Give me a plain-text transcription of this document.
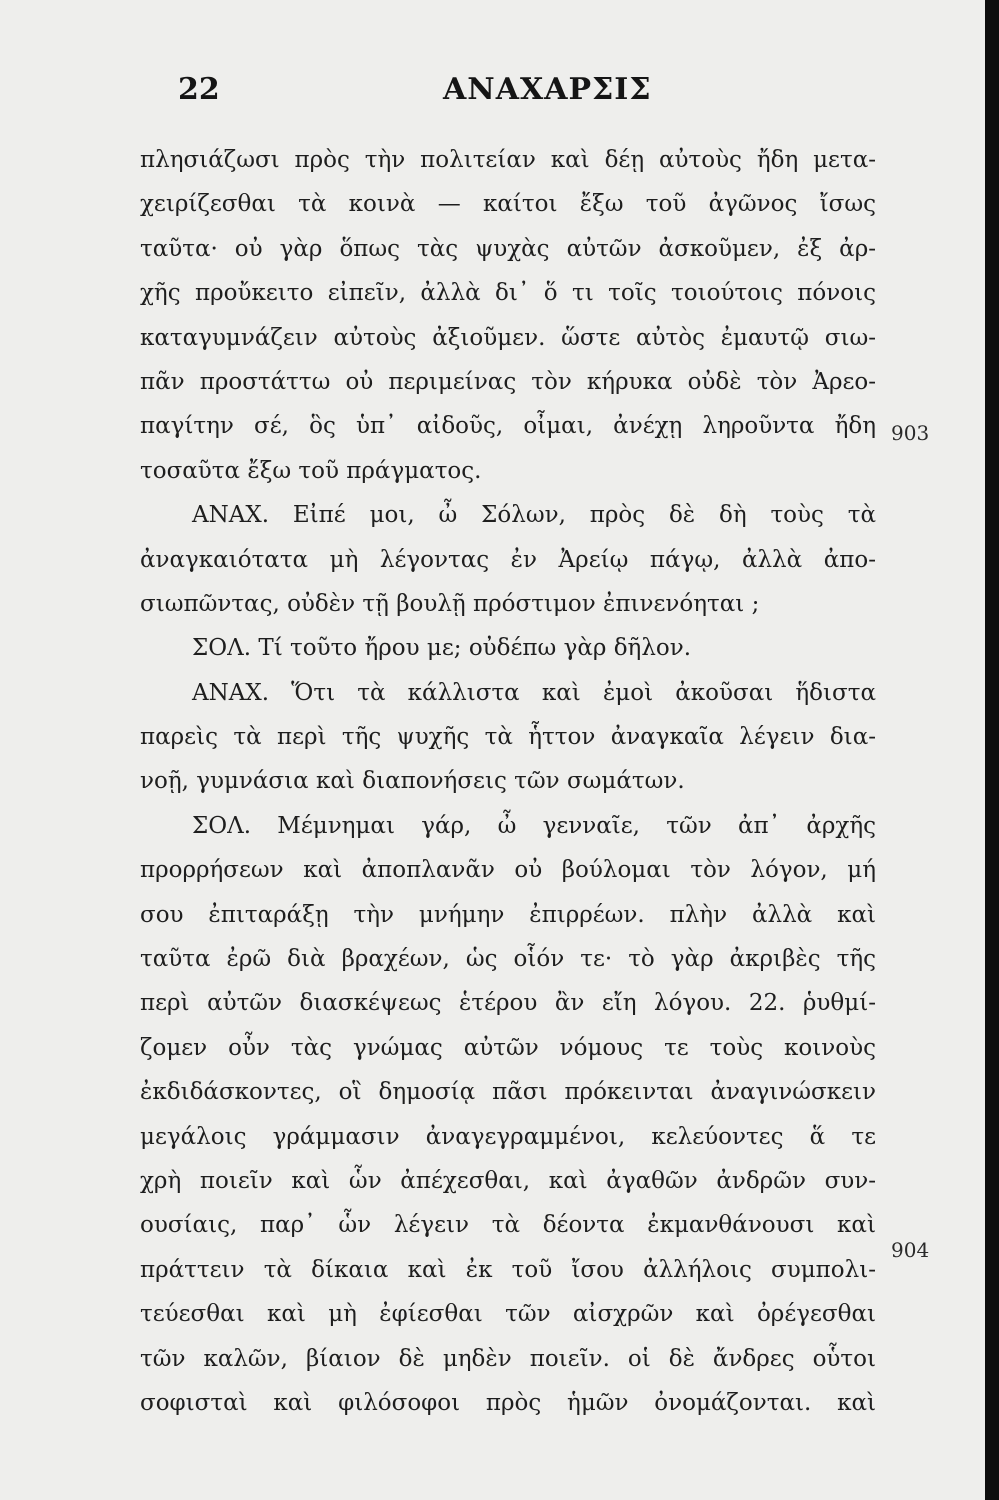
22	ΑΝΑΧΑΡΣΙΣ
πλησιάζωσι πρὸς τὴν πολιτείαν καὶ δέῃ αὐτοὺς ἤδη μετα-
χειρίζεσθαι τὰ κοινὰ — καίτοι ἔξω τοῦ ἀγῶνος ἴσως
ταῦτα· οὐ γὰρ ὅπως τὰς ψυχὰς αὐτῶν ἀσκοῦμεν, ἐξ ἀρ-
χῆς προὔκειτο εἰπεῖν, ἀλλὰ δι᾽ ὅ τι τοῖς τοιούτοις πόνοις
καταγυμνάζειν αὐτοὺς ἀξιοῦμεν. ὥστε αὐτὸς ἐμαυτῷ σιω-
πᾶν προστάττω οὐ περιμείνας τὸν κήρυκα οὐδὲ τὸν Ἀρεο-
παγίτην σέ, ὃς ὑπ᾽ αἰδοῦς, οἶμαι, ἀνέχῃ ληροῦντα ἤδη
τοσαῦτα ἔξω τοῦ πράγματος.
ΑΝΑΧ. Εἰπέ μοι, ὦ Σόλων, πρὸς δὲ δὴ τοὺς τὰ
ἀναγκαιότατα μὴ λέγοντας ἐν Ἀρείῳ πάγῳ, ἀλλὰ ἀπο-
σιωπῶντας, οὐδὲν τῇ βουλῇ πρόστιμον ἐπινενόηται ;
ΣΟΛ. Τί τοῦτο ἤρου με; οὐδέπω γὰρ δῆλον.
ΑΝΑΧ. Ὅτι τὰ κάλλιστα καὶ ἐμοὶ ἀκοῦσαι ἥδιστα
παρεὶς τὰ περὶ τῆς ψυχῆς τὰ ἧττον ἀναγκαῖα λέγειν δια-
νοῇ, γυμνάσια καὶ διαπονήσεις τῶν σωμάτων.
ΣΟΛ. Μέμνημαι γάρ, ὦ γενναῖε, τῶν ἀπ᾽ ἀρχῆς
προρρήσεων καὶ ἀποπλανᾶν οὐ βούλομαι τὸν λόγον, μή
σου ἐπιταράξῃ τὴν μνήμην ἐπιρρέων. πλὴν ἀλλὰ καὶ
ταῦτα ἐρῶ διὰ βραχέων, ὡς οἷόν τε· τὸ γὰρ ἀκριβὲς τῆς
περὶ αὐτῶν διασκέψεως ἑτέρου ἂν εἴη λόγου. 22. ῥυθμί-
ζομεν οὖν τὰς γνώμας αὐτῶν νόμους τε τοὺς κοινοὺς
ἐκδιδάσκοντες, οἳ δημοσίᾳ πᾶσι πρόκεινται ἀναγινώσκειν
μεγάλοις γράμμασιν ἀναγεγραμμένοι, κελεύοντες ἅ τε
χρὴ ποιεῖν καὶ ὧν ἀπέχεσθαι, καὶ ἀγαθῶν ἀνδρῶν συν-
ουσίαις, παρ᾽ ὧν λέγειν τὰ δέοντα ἐκμανθάνουσι καὶ
πράττειν τὰ δίκαια καὶ ἐκ τοῦ ἴσου ἀλλήλοις συμπολι-
τεύεσθαι καὶ μὴ ἐφίεσθαι τῶν αἰσχρῶν καὶ ὀρέγεσθαι
τῶν καλῶν, βίαιον δὲ μηδὲν ποιεῖν. οἱ δὲ ἄνδρες οὗτοι
σοφισταὶ καὶ φιλόσοφοι πρὸς ἡμῶν ὀνομάζονται. καὶ
903
904
